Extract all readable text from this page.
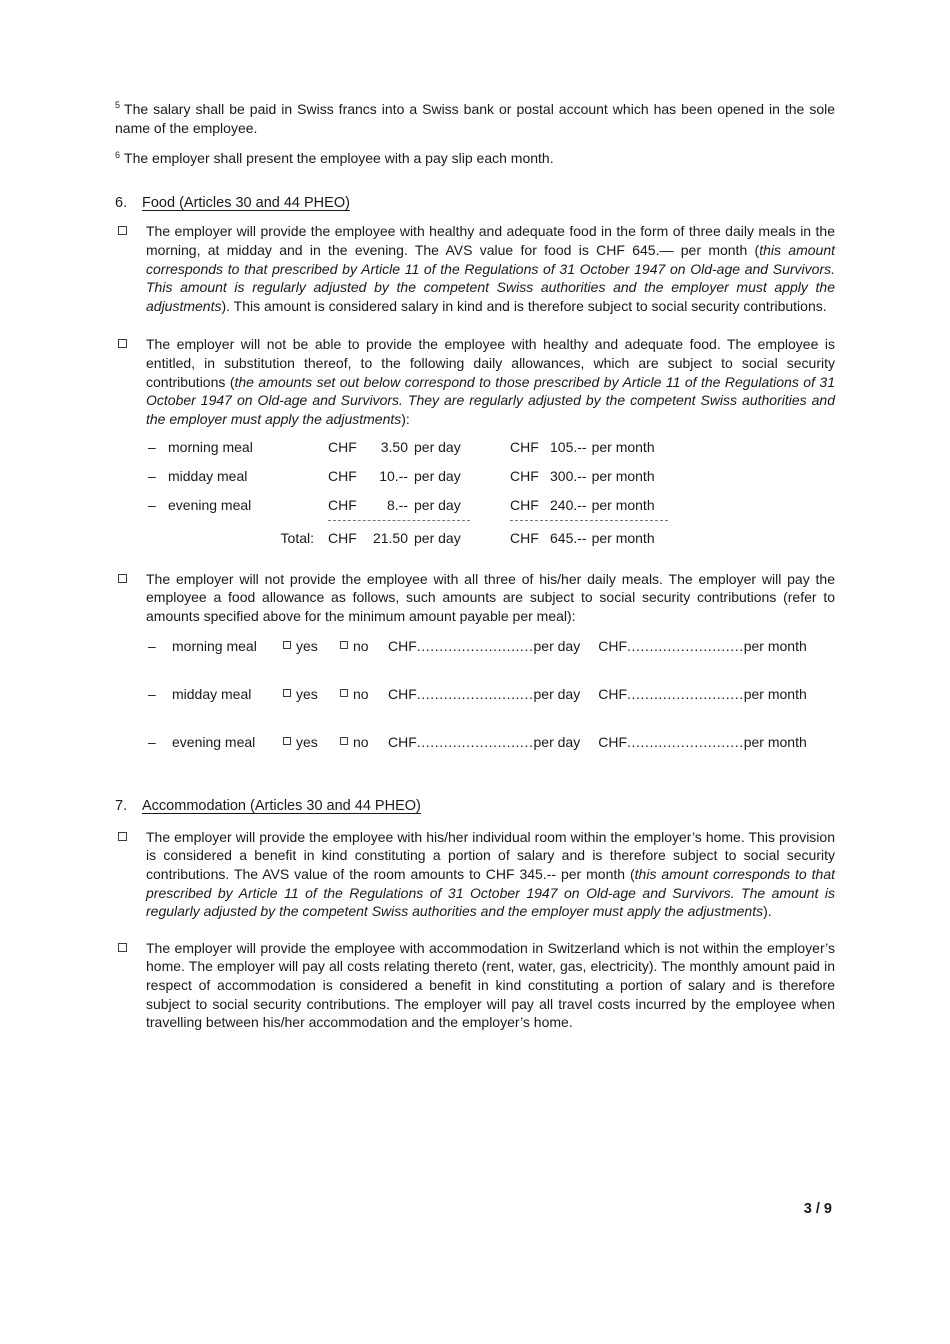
$^5$ The salary shall be paid in Swiss francs into a Swiss bank or postal account which has been opened in the sole name of the employee.

$^6$ The employer shall present the employee with a pay slip each month.

6.	Food (Articles 30 and 44 PHEO)

The employer will provide the employee with healthy and adequate food in the form of three daily meals in the morning, at midday and in the evening. The AVS value for food is CHF 645.— per month (this amount corresponds to that prescribed by Article 11 of the Regulations of 31 October 1947 on Old-age and Survivors. This amount is regularly adjusted by the competent Swiss authorities and the employer must apply the adjustments). This amount is considered salary in kind and is therefore subject to social security contributions.

The employer will not be able to provide the employee with healthy and adequate food. The employee is entitled, in substitution thereof, to the following daily allowances, which are subject to social security contributions (the amounts set out below correspond to those prescribed by Article 11 of the Regulations of 31 October 1947 on Old-age and Survivors. They are regularly adjusted by the competent Swiss authorities and the employer must apply the adjustments):

– morning meal	CHF	3.50 per day	CHF 105.-- per month
– midday meal	CHF	10.-- per day	CHF 300.-- per month
– evening meal	CHF	8.-- per day	CHF 240.-- per month
Total:	CHF	21.50 per day	CHF 645.-- per month

The employer will not provide the employee with all three of his/her daily meals. The employer will pay the employee a food allowance as follows, such amounts are subject to social security contributions (refer to amounts specified above for the minimum amount payable per meal):

–	morning meal	yes	no CHF .......................... per day CHF .......................... per month
–	midday meal	yes	no CHF .......................... per day CHF .......................... per month
–	evening meal	yes	no CHF .......................... per day CHF .......................... per month
7.	Accommodation (Articles 30 and 44 PHEO)

The employer will provide the employee with his/her individual room within the employer’s home. This provision is considered a benefit in kind constituting a portion of salary and is therefore subject to social security contributions. The AVS value of the room amounts to CHF 345.-- per month (this amount corresponds to that prescribed by Article 11 of the Regulations of 31 October 1947 on Old-age and Survivors. The amount is regularly adjusted by the competent Swiss authorities and the employer must apply the adjustments).

The employer will provide the employee with accommodation in Switzerland which is not within the employer’s home. The employer will pay all costs relating thereto (rent, water, gas, electricity). The monthly amount paid in respect of accommodation is considered a benefit in kind constituting a portion of salary and is therefore subject to social security contributions. The employer will pay all travel costs incurred by the employee when travelling between his/her accommodation and the employer’s home.

3 / 9
